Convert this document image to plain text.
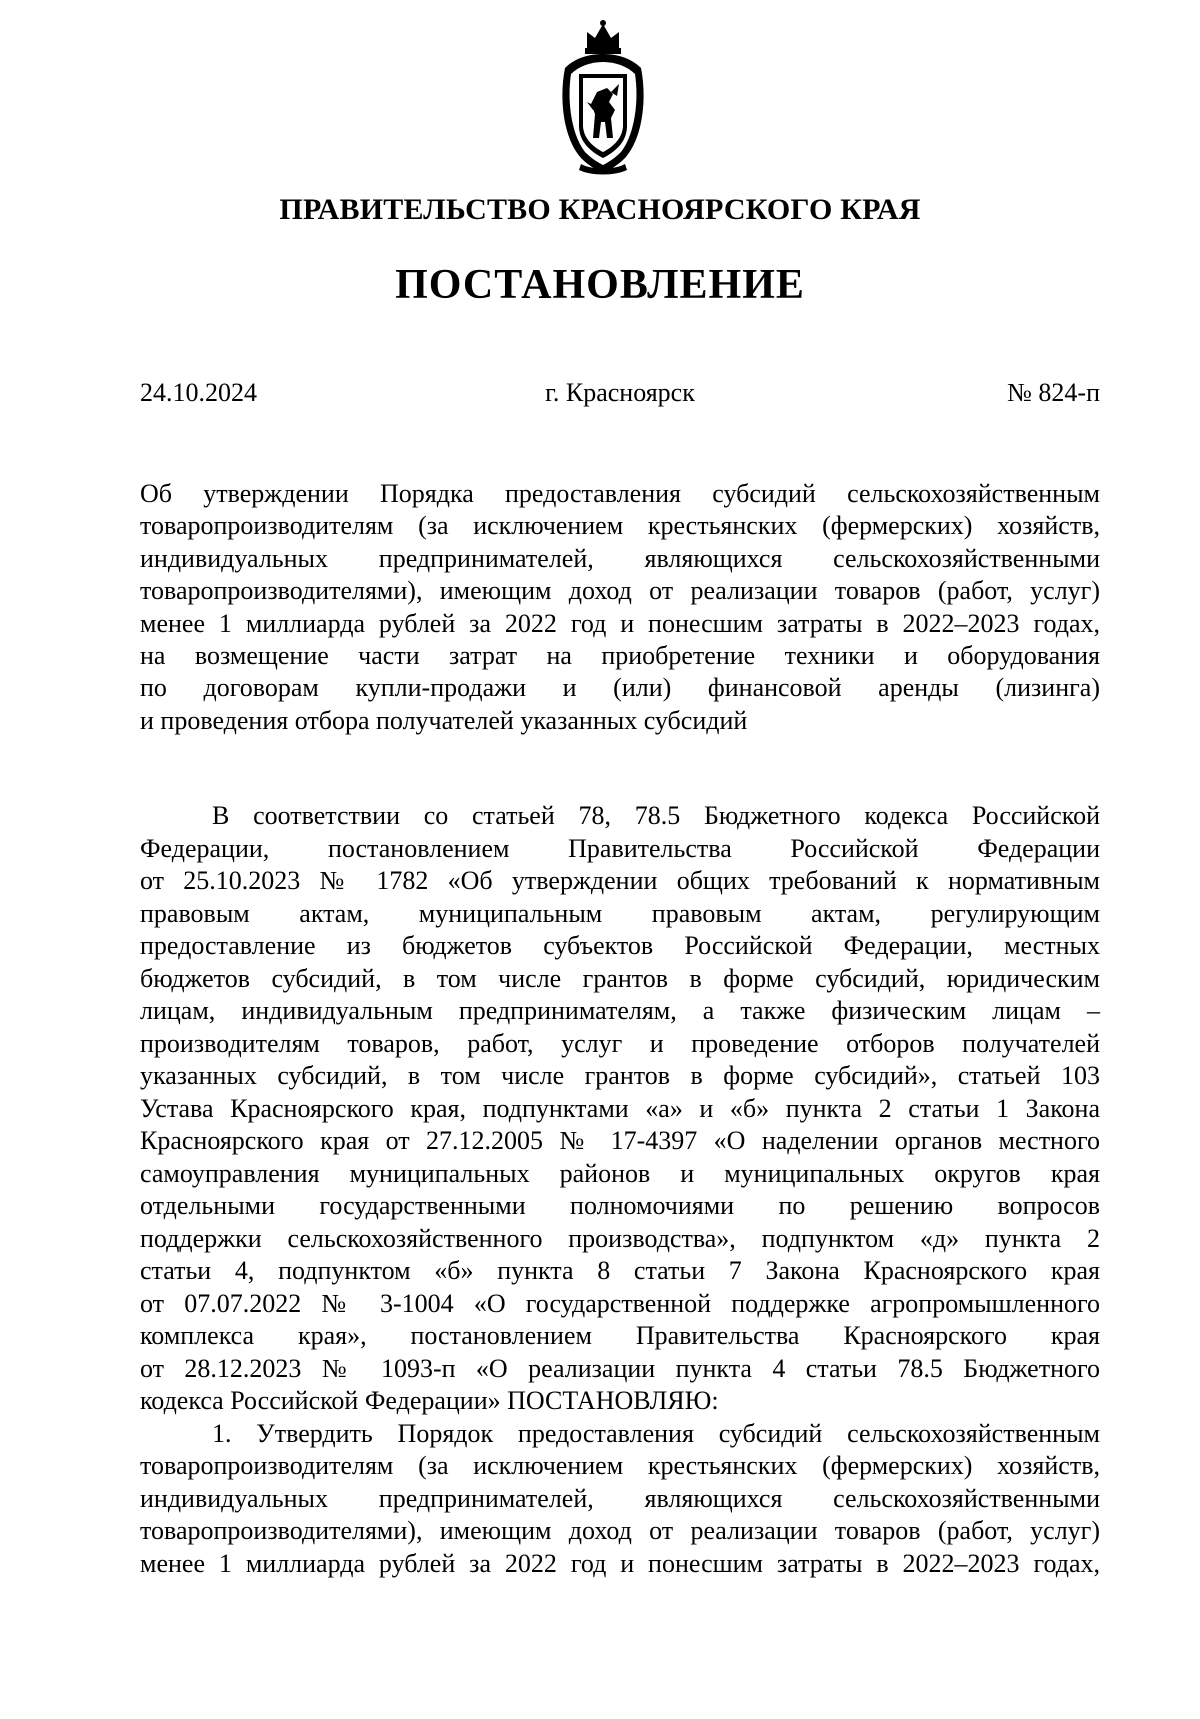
ПРАВИТЕЛЬСТВО КРАСНОЯРСКОГО КРАЯ
ПОСТАНОВЛЕНИЕ
г. Красноярск
24.10.2024	№ 824-п
Об утверждении Порядка предоставления субсидий сельскохозяйственным
товаропроизводителям (за исключением крестьянских (фермерских) хозяйств,
индивидуальных предпринимателей, являющихся сельскохозяйственными
товаропроизводителями), имеющим доход от реализации товаров (работ, услуг)
менее 1 миллиарда рублей за 2022 год и понесшим затраты в 2022–2023 годах,
на возмещение части затрат на приобретение техники и оборудования
по договорам купли-продажи и (или) финансовой аренды (лизинга)
и проведения отбора получателей указанных субсидий
В соответствии со статьей 78, 78.5 Бюджетного кодекса Российской
Федерации, постановлением Правительства Российской Федерации
от 25.10.2023 № 1782 «Об утверждении общих требований к нормативным
правовым актам, муниципальным правовым актам, регулирующим
предоставление из бюджетов субъектов Российской Федерации, местных
бюджетов субсидий, в том числе грантов в форме субсидий, юридическим
лицам, индивидуальным предпринимателям, а также физическим лицам –
производителям товаров, работ, услуг и проведение отборов получателей
указанных субсидий, в том числе грантов в форме субсидий», статьей 103
Устава Красноярского края, подпунктами «а» и «б» пункта 2 статьи 1 Закона
Красноярского края от 27.12.2005 № 17-4397 «О наделении органов местного
самоуправления муниципальных районов и муниципальных округов края
отдельными государственными полномочиями по решению вопросов
поддержки сельскохозяйственного производства», подпунктом «д» пункта 2
статьи 4, подпунктом «б» пункта 8 статьи 7 Закона Красноярского края
от 07.07.2022 № 3-1004 «О государственной поддержке агропромышленного
комплекса края», постановлением Правительства Красноярского края
от 28.12.2023 № 1093-п «О реализации пункта 4 статьи 78.5 Бюджетного
кодекса Российской Федерации» ПОСТАНОВЛЯЮ:
1. Утвердить Порядок предоставления субсидий сельскохозяйственным
товаропроизводителям (за исключением крестьянских (фермерских) хозяйств,
индивидуальных предпринимателей, являющихся сельскохозяйственными
товаропроизводителями), имеющим доход от реализации товаров (работ, услуг)
менее 1 миллиарда рублей за 2022 год и понесшим затраты в 2022–2023 годах,
